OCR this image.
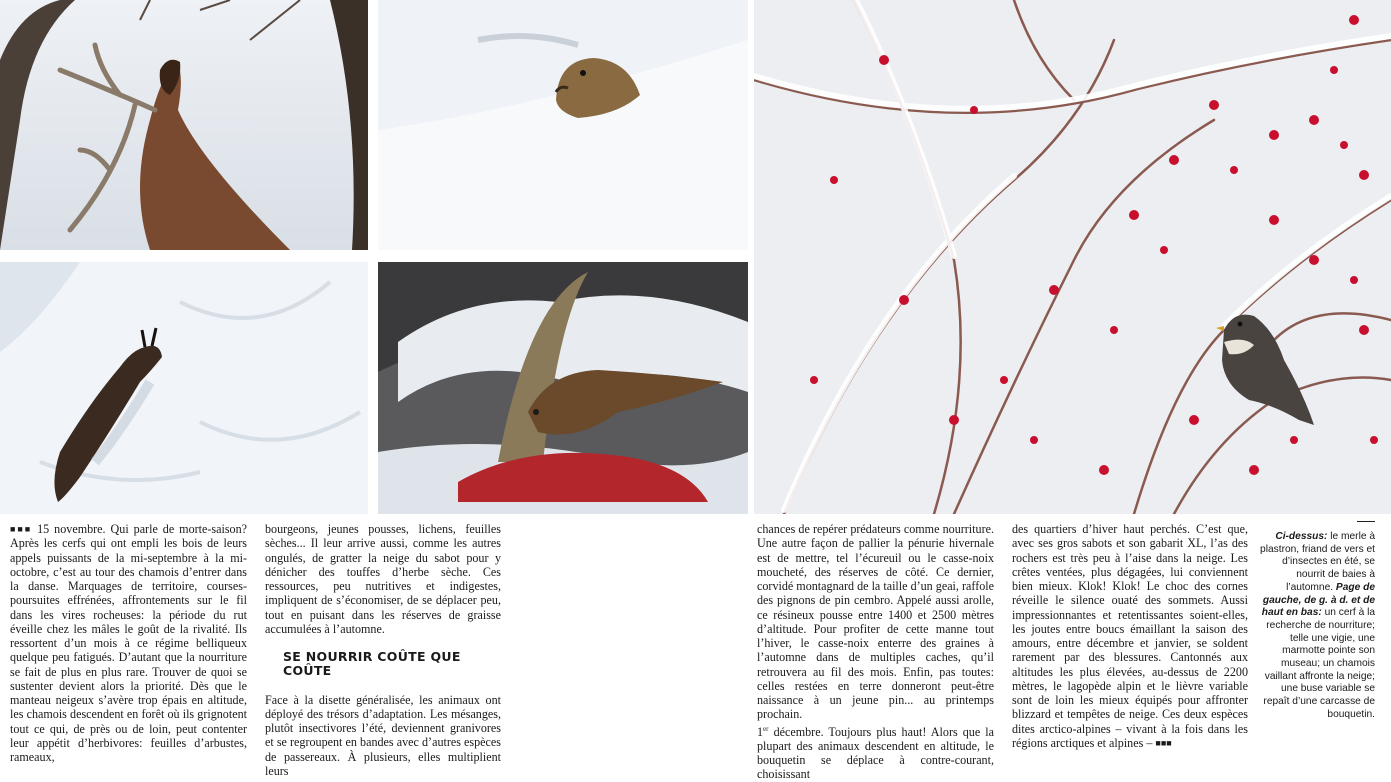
■■■ 15 novembre. Qui parle de morte-saison? Après les cerfs qui ont empli les bois de leurs appels puissants de la mi-septembre à la mi-octobre, c’est au tour des chamois d’entrer dans la danse. Marquages de territoire, courses-poursuites effrénées, affrontements sur le fil dans les vires rocheuses: la période du rut éveille chez les mâles le goût de la rivalité. Ils ressortent d’un mois à ce régime belliqueux quelque peu fatigués. D’autant que la nourriture se fait de plus en plus rare. Trouver de quoi se sustenter devient alors la priorité. Dès que le manteau neigeux s’avère trop épais en altitude, les chamois descendent en forêt où ils grignotent tout ce qui, de près ou de loin, peut contenter leur appétit d’herbivores: feuilles d’arbustes, rameaux,

bourgeons, jeunes pousses, lichens, feuilles sèches... Il leur arrive aussi, comme les autres ongulés, de gratter la neige du sabot pour y dénicher des touffes d’herbe sèche. Ces ressources, peu nutritives et indigestes, impliquent de s’économiser, de se déplacer peu, tout en puisant dans les réserves de graisse accumulées à l’automne.

SE NOURRIR COÛTE QUE COÛTE

Face à la disette généralisée, les animaux ont déployé des trésors d’adaptation. Les mésanges, plutôt insectivores l’été, deviennent granivores et se regroupent en bandes avec d’autres espèces de passereaux. À plusieurs, elles multiplient leurs

chances de repérer prédateurs comme nourriture. Une autre façon de pallier la pénurie hivernale est de mettre, tel l’écureuil ou le casse-noix moucheté, des réserves de côté. Ce dernier, corvidé montagnard de la taille d’un geai, raffole des pignons de pin cembro. Appelé aussi arolle, ce résineux pousse entre 1400 et 2500 mètres d’altitude. Pour profiter de cette manne tout l’hiver, le casse-noix enterre des graines à l’automne dans de multiples caches, qu’il retrouvera au fil des mois. Enfin, pas toutes: celles restées en terre donneront peut-être naissance à un jeune pin... au printemps prochain.

1er décembre. Toujours plus haut! Alors que la plupart des animaux descendent en altitude, le bouquetin se déplace à contre-courant, choisissant

des quartiers d’hiver haut perchés. C’est que, avec ses gros sabots et son gabarit XL, l’as des rochers est très peu à l’aise dans la neige. Les crêtes ventées, plus dégagées, lui conviennent bien mieux. Klok! Klok! Le choc des cornes réveille le silence ouaté des sommets. Aussi impressionnantes et retentissantes soient-elles, les joutes entre boucs émaillant la saison des amours, entre décembre et janvier, se soldent rarement par des blessures. Cantonnés aux altitudes les plus élevées, au-dessus de 2200 mètres, le lagopède alpin et le lièvre variable sont de loin les mieux équipés pour affronter blizzard et tempêtes de neige. Ces deux espèces dites arctico-alpines – vivant à la fois dans les régions arctiques et alpines – ■■■

Ci-dessus: le merle à plastron, friand de vers et d’insectes en été, se nourrit de baies à l’automne. Page de gauche, de g. à d. et de haut en bas: un cerf à la recherche de nourriture; telle une vigie, une marmotte pointe son museau; un chamois vaillant affronte la neige; une buse variable se repaît d’une carcasse de bouquetin.
